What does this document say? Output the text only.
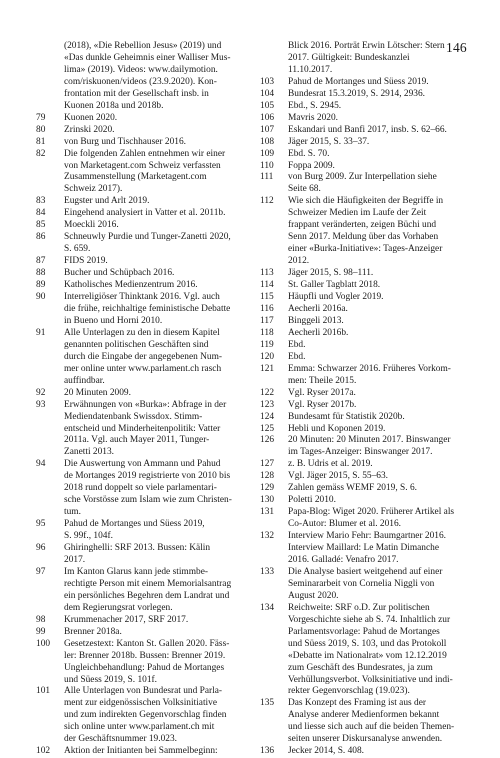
146
(2018), «Die Rebellion Jesus» (2019) und
«Das dunkle Geheimnis einer Walliser Mus-
lima» (2019). Videos: www.dailymotion.
com/riskuonen/videos (23.9.2020). Kon-
frontation mit der Gesellschaft insb. in
Kuonen 2018a und 2018b.
79	Kuonen 2020.
80	Zrinski 2020.
81	von Burg und Tischhauser 2016.
82	Die folgenden Zahlen entnehmen wir einer
von Marketagent.com Schweiz verfassten
Zusammenstellung (Marketagent.com
Schweiz 2017).
83	Eugster und Arlt 2019.
84	Eingehend analysiert in Vatter et al. 2011b.
85	Moeckli 2016.
86	Schneuwly Purdie und Tunger-Zanetti 2020,
S. 659.
87	FIDS 2019.
88	Bucher und Schüpbach 2016.
89	Katholisches Medienzentrum 2016.
90	Interreligiöser Thinktank 2016. Vgl. auch
die frühe, reichhaltige feministische Debatte
in Bueno und Horni 2010.
91	Alle Unterlagen zu den in diesem Kapitel
genannten politischen Geschäften sind
durch die Eingabe der angegebenen Num-
mer online unter www.parlament.ch rasch
auffindbar.
92	20 Minuten 2009.
93	Erwähnungen von «Burka»: Abfrage in der
Mediendatenbank Swissdox. Stimm-
entscheid und Minderheitenpolitik: Vatter
2011a. Vgl. auch Mayer 2011, Tunger-
Zanetti 2013.
94	Die Auswertung von Ammann und Pahud
de Mortanges 2019 registrierte von 2010 bis
2018 rund doppelt so viele parlamentari-
sche Vorstösse zum Islam wie zum Christen-
tum.
95	Pahud de Mortanges und Süess 2019,
S. 99f., 104f.
96	Ghiringhelli: SRF 2013. Bussen: Kälin
2017.
97	Im Kanton Glarus kann jede stimmbe-
rechtigte Person mit einem Memorialsantrag
ein persönliches Begehren dem Landrat und
dem Regierungsrat vorlegen.
98	Krummenacher 2017, SRF 2017.
99	Brenner 2018a.
100	Gesetzestext: Kanton St. Gallen 2020. Fäss-
ler: Brenner 2018b. Bussen: Brenner 2019.
Ungleichbehandlung: Pahud de Mortanges
und Süess 2019, S. 101f.
101	Alle Unterlagen von Bundesrat und Parla-
ment zur eidgenössischen Volksinitiative
und zum indirekten Gegenvorschlag finden
sich online unter www.parlament.ch mit
der Geschäftsnummer 19.023.
102	Aktion der Initianten bei Sammelbeginn:
Blick 2016. Porträt Erwin Lötscher: Stern
2017. Gültigkeit: Bundeskanzlei
11.10.2017.
103	Pahud de Mortanges und Süess 2019.
104	Bundesrat 15.3.2019, S. 2914, 2936.
105	Ebd., S. 2945.
106	Mavris 2020.
107	Eskandari und Banfi 2017, insb. S. 62–66.
108	Jäger 2015, S. 33–37.
109	Ebd. S. 70.
110	Foppa 2009.
111	von Burg 2009. Zur Interpellation siehe
Seite 68.
112	Wie sich die Häufigkeiten der Begriffe in
Schweizer Medien im Laufe der Zeit
frappant veränderten, zeigen Büchi und
Senn 2017. Meldung über das Vorhaben
einer «Burka-Initiative»: Tages-Anzeiger
2012.
113	Jäger 2015, S. 98–111.
114	St. Galler Tagblatt 2018.
115	Häupfli und Vogler 2019.
116	Aecherli 2016a.
117	Binggeli 2013.
118	Aecherli 2016b.
119	Ebd.
120	Ebd.
121	Emma: Schwarzer 2016. Früheres Vorkom-
men: Theile 2015.
122	Vgl. Ryser 2017a.
123	Vgl. Ryser 2017b.
124	Bundesamt für Statistik 2020b.
125	Hebli und Koponen 2019.
126	20 Minuten: 20 Minuten 2017. Binswanger
im Tages-Anzeiger: Binswanger 2017.
127	z. B. Udris et al. 2019.
128	Vgl. Jäger 2015, S. 55–63.
129	Zahlen gemäss WEMF 2019, S. 6.
130	Poletti 2010.
131	Papa-Blog: Wiget 2020. Früherer Artikel als
Co-Autor: Blumer et al. 2016.
132	Interview Mario Fehr: Baumgartner 2016.
Interview Maillard: Le Matin Dimanche
2016. Galladé: Venafro 2017.
133	Die Analyse basiert weitgehend auf einer
Seminararbeit von Cornelia Niggli von
August 2020.
134	Reichweite: SRF o.D. Zur politischen
Vorgeschichte siehe ab S. 74. Inhaltlich zur
Parlamentsvorlage: Pahud de Mortanges
und Süess 2019, S. 103, und das Protokoll
«Debatte im Nationalrat» vom 12.12.2019
zum Geschäft des Bundesrates, ja zum
Verhüllungsverbot. Volksinitiative und indi-
rekter Gegenvorschlag (19.023).
135	Das Konzept des Framing ist aus der
Analyse anderer Medienformen bekannt
und liesse sich auch auf die beiden Themen-
seiten unserer Diskursanalyse anwenden.
136	Jecker 2014, S. 408.
